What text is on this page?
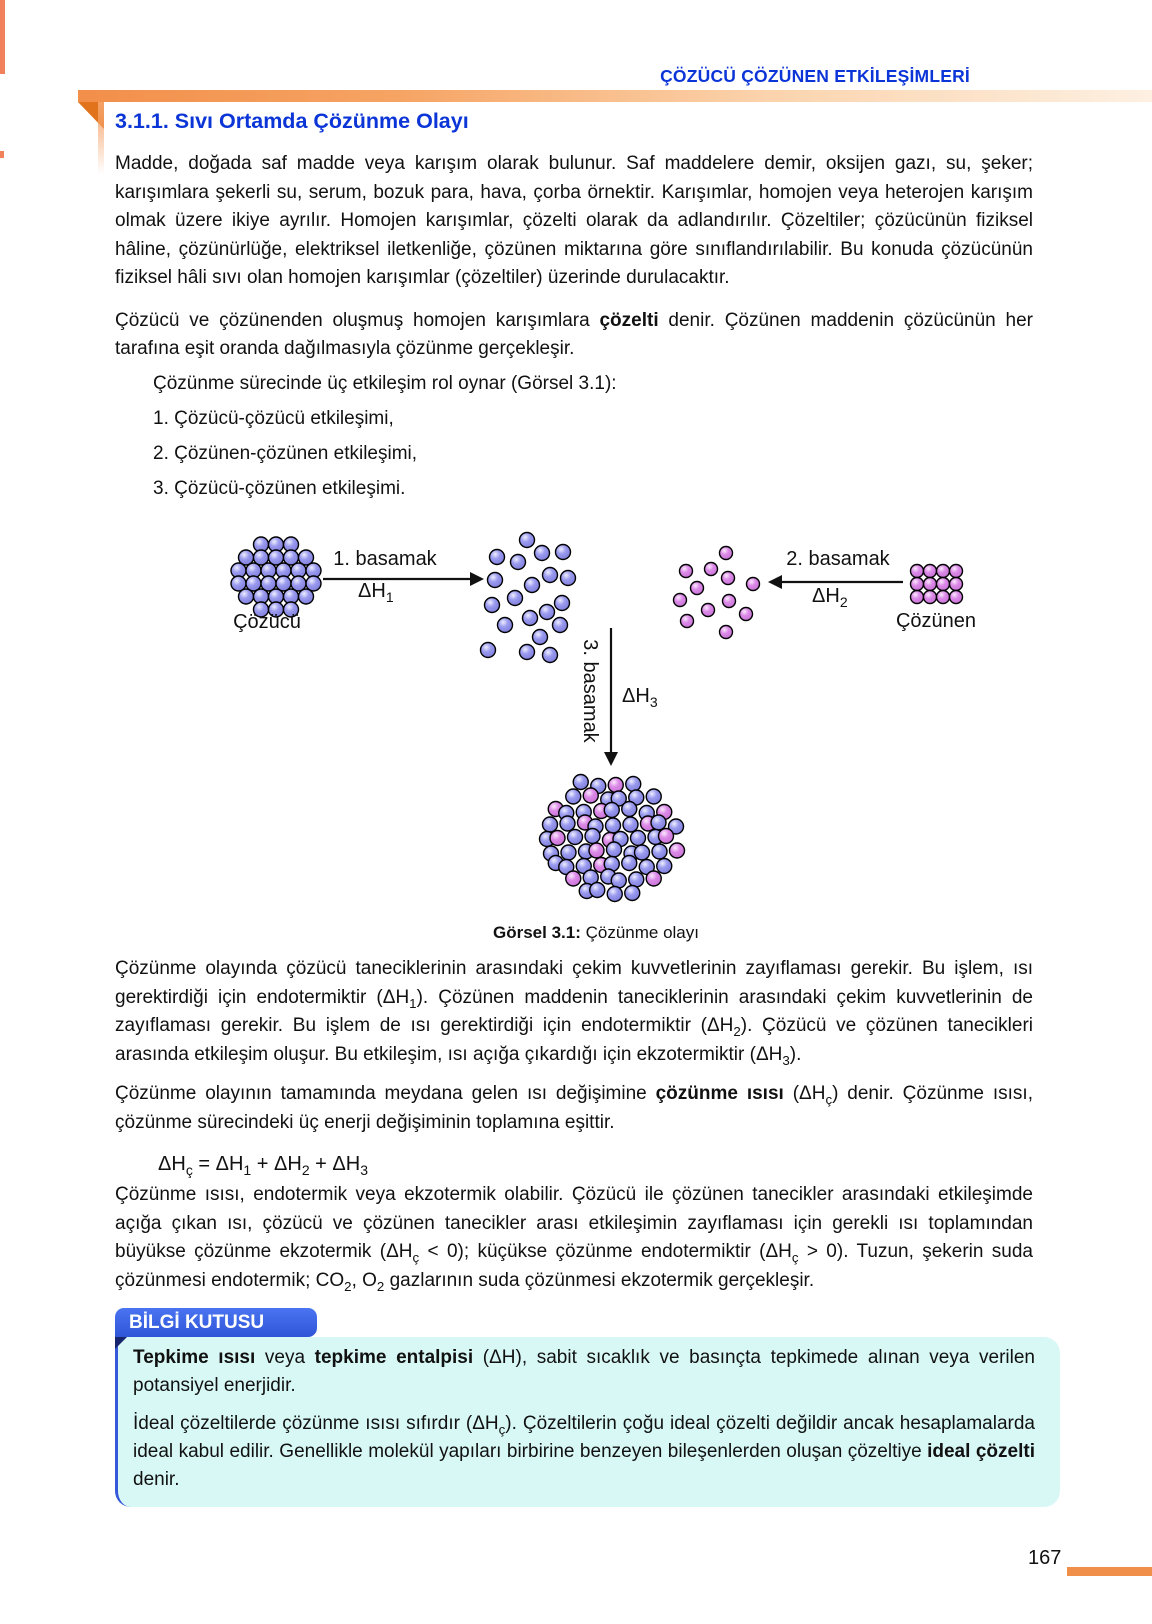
ÇÖZÜCÜ ÇÖZÜNEN ETKİLEŞİMLERİ
3.1.1. Sıvı Ortamda Çözünme Olayı
Madde, doğada saf madde veya karışım olarak bulunur. Saf maddelere demir, oksijen gazı, su, şeker; karışımlara şekerli su, serum, bozuk para, hava, çorba örnektir. Karışımlar, homojen veya heterojen karışım olmak üzere ikiye ayrılır. Homojen karışımlar, çözelti olarak da adlandırılır. Çözeltiler; çözücünün fiziksel hâline, çözünürlüğe, elektriksel iletkenliğe, çözünen miktarına göre sınıflandırılabilir. Bu konuda çözücünün fiziksel hâli sıvı olan homojen karışımlar (çözeltiler) üzerinde durulacaktır.
Çözücü ve çözünenden oluşmuş homojen karışımlara çözelti denir. Çözünen maddenin çözücünün her tarafına eşit oranda dağılmasıyla çözünme gerçekleşir.
Çözünme sürecinde üç etkileşim rol oynar (Görsel 3.1):
1. Çözücü-çözücü etkileşimi,
2. Çözünen-çözünen etkileşimi,
3. Çözücü-çözünen etkileşimi.
1. basamak
$\Delta H_1$
2. basamak
$\Delta H_2$
3. basamak $\Delta H_3$
Çözücü	Çözünen
Görsel 3.1: Çözünme olayı
Çözünme olayında çözücü taneciklerinin arasındaki çekim kuvvetlerinin zayıflaması gerekir. Bu işlem, ısı gerektirdiği için endotermiktir $(\Delta H_1)$. Çözünen maddenin taneciklerinin arasındaki çekim kuvvetlerinin de zayıflaması gerekir. Bu işlem de ısı gerektirdiği için endotermiktir $(\Delta H_2)$. Çözücü ve çözünen tanecikleri arasında etkileşim oluşur. Bu etkileşim, ısı açığa çıkardığı için ekzotermiktir $(\Delta H_3)$.
Çözünme olayının tamamında meydana gelen ısı değişimine çözünme ısısı $(\Delta H_ç)$ denir. Çözünme ısısı, çözünme sürecindeki üç enerji değişiminin toplamına eşittir.
$\Delta H_ç = \Delta H_1 + \Delta H_2 + \Delta H_3$
Çözünme ısısı, endotermik veya ekzotermik olabilir. Çözücü ile çözünen tanecikler arasındaki etkileşimde açığa çıkan ısı, çözücü ve çözünen tanecikler arası etkileşimin zayıflaması için gerekli ısı toplamından büyükse çözünme ekzotermik $(\Delta H_ç < 0)$; küçükse çözünme endotermiktir $(\Delta H_ç > 0)$. Tuzun, şekerin suda çözünmesi endotermik; $CO_2$, $O_2$ gazlarının suda çözünmesi ekzotermik gerçekleşir.
BİLGİ KUTUSU
Tepkime ısısı veya tepkime entalpisi (ΔH), sabit sıcaklık ve basınçta tepkimede alınan veya verilen potansiyel enerjidir.
İdeal çözeltilerde çözünme ısısı sıfırdır $(\Delta H_ç)$. Çözeltilerin çoğu ideal çözelti değildir ancak hesaplamalarda ideal kabul edilir. Genellikle molekül yapıları birbirine benzeyen bileşenlerden oluşan çözeltiye ideal çözelti denir.
167
